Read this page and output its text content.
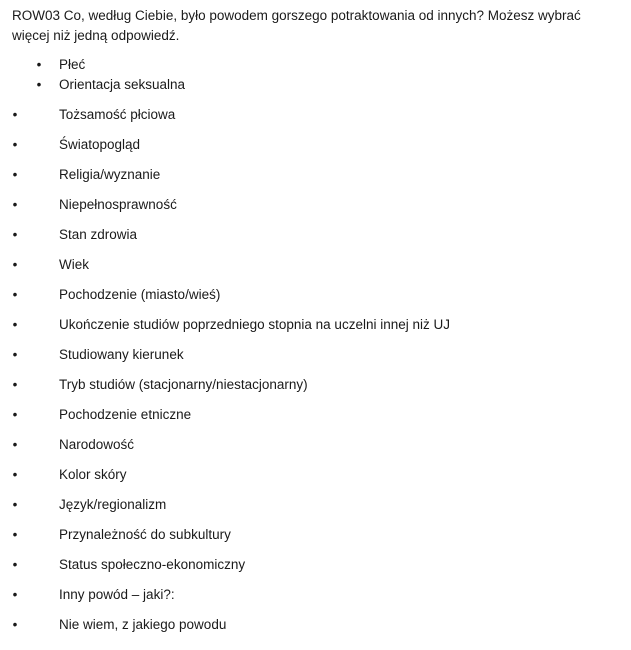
ROW03 Co, według Ciebie, było powodem gorszego potraktowania od innych? Możesz wybrać więcej niż jedną odpowiedź.

• Płeć
• Orientacja seksualna
•	Tożsamość płciowa
•	Światopogląd
•	Religia/wyznanie
•	Niepełnosprawność
•	Stan zdrowia
•	Wiek
•	Pochodzenie (miasto/wieś)
•	Ukończenie studiów poprzedniego stopnia na uczelni innej niż UJ
•	Studiowany kierunek
•	Tryb studiów (stacjonarny/niestacjonarny)
•	Pochodzenie etniczne
•	Narodowość
•	Kolor skóry
•	Język/regionalizm
•	Przynależność do subkultury
•	Status społeczno-ekonomiczny
•	Inny powód – jaki?:
•	Nie wiem, z jakiego powodu
